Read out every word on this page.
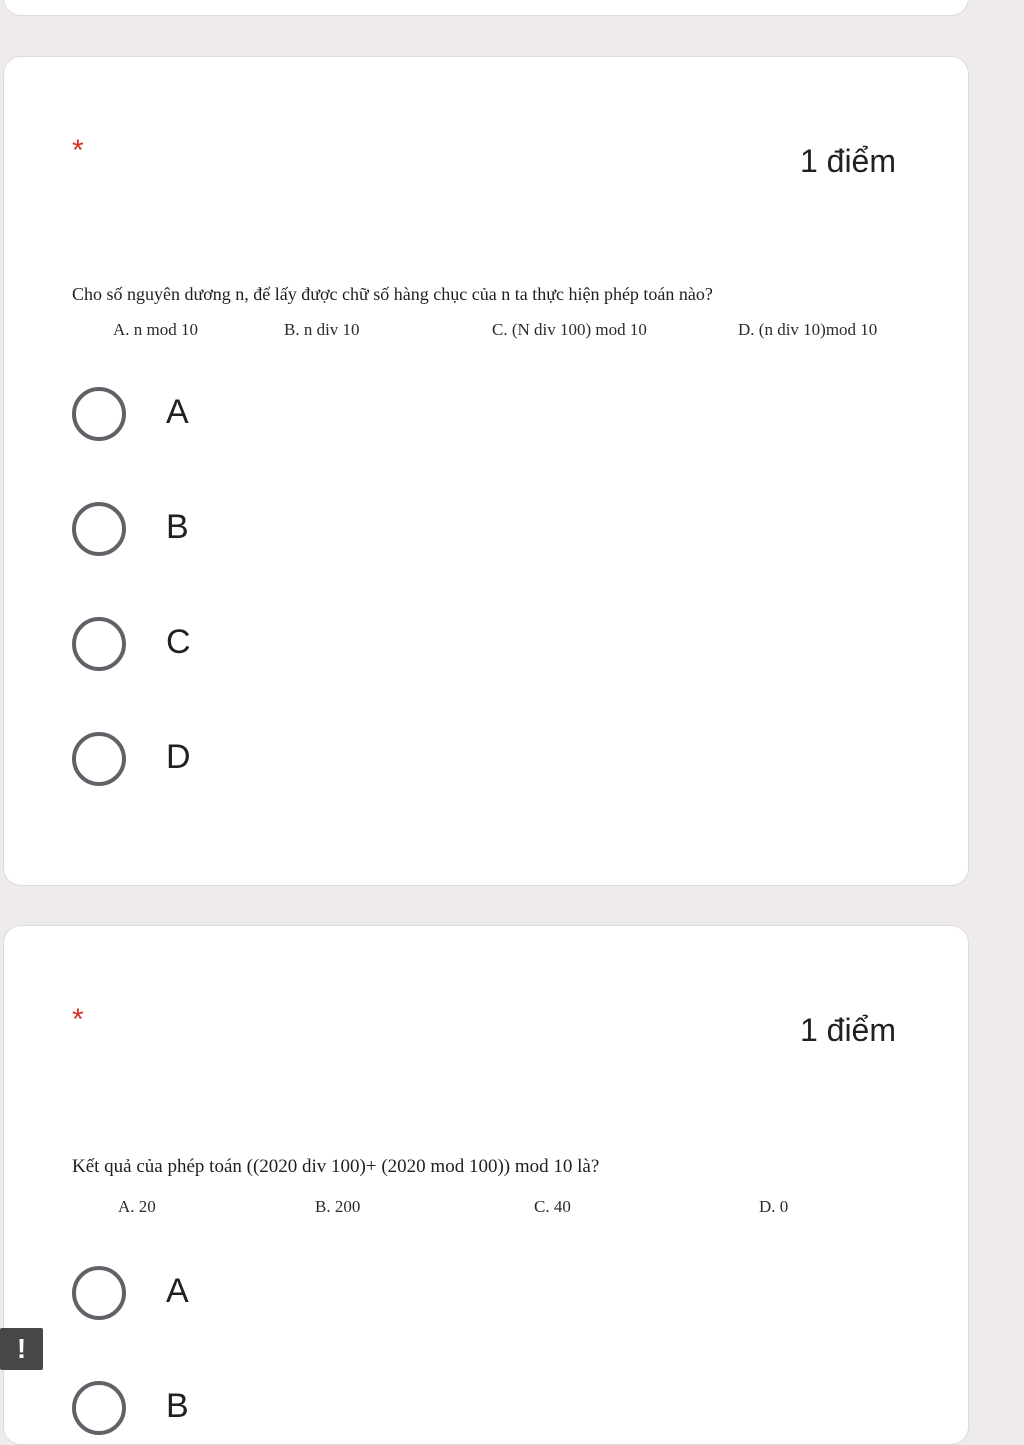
*	1 điểm
Cho số nguyên dương n, để lấy được chữ số hàng chục của n ta thực hiện phép toán nào?
A. n mod 10	B. n div 10	C. (N div 100) mod 10	D. (n div 10)mod 10
A
B
C
D
*	1 điểm
Kết quả của phép toán ((2020 div 100)+ (2020 mod 100)) mod 10 là?
A. 20	B. 200	C. 40	D. 0
A
B
!
